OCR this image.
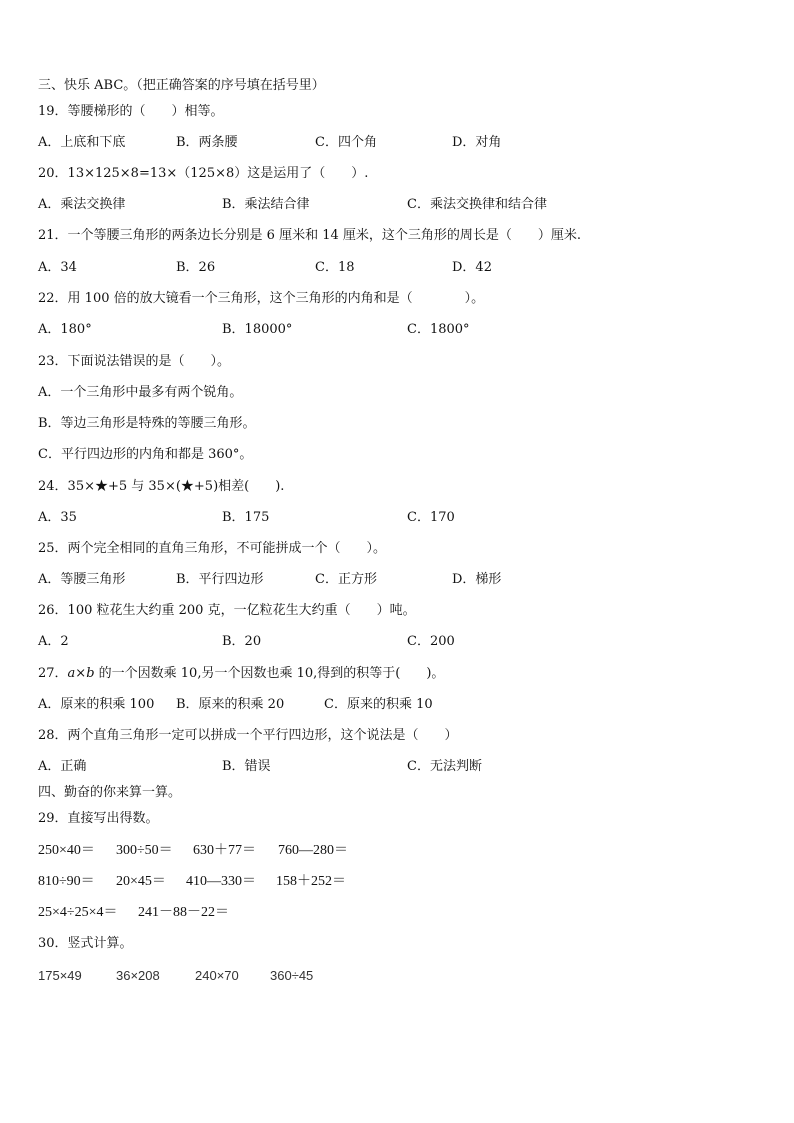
三、快乐 ABC。（把正确答案的序号填在括号里）
19．等腰梯形的（　　）相等。
A．上底和下底	B．两条腰	C．四个角	D．对角
20．13×125×8=13×（125×8）这是运用了（　　）.
A．乘法交换律	B．乘法结合律	C．乘法交换律和结合律
21．一个等腰三角形的两条边长分别是 6 厘米和 14 厘米，这个三角形的周长是（　　）厘米.
A．34	B．26	C．18	D．42
22．用 100 倍的放大镜看一个三角形，这个三角形的内角和是（　　　　）。
A．180°	B．18000°	C．1800°
23．下面说法错误的是（　　）。
A．一个三角形中最多有两个锐角。
B．等边三角形是特殊的等腰三角形。
C．平行四边形的内角和都是 360°。
24．35×★+5 与 35×(★+5)相差(　　).
A．35	B．175	C．170
25．两个完全相同的直角三角形，不可能拼成一个（　　）。
A．等腰三角形	B．平行四边形	C．正方形	D．梯形
26．100 粒花生大约重 200 克，一亿粒花生大约重（　　）吨。
A．2	B．20	C．200
27．a×b 的一个因数乘 10,另一个因数也乘 10,得到的积等于(　　)。
A．原来的积乘 100 B．原来的积乘 20	C．原来的积乘 10
28．两个直角三角形一定可以拼成一个平行四边形，这个说法是（　　）
A．正确	B．错误	C．无法判断
四、勤奋的你来算一算。
29．直接写出得数。
250×40＝ 300÷50＝ 630＋77＝ 760—280＝
810÷90＝ 20×45＝ 410—330＝ 158＋252＝
25×4÷25×4＝ 241－88－22＝
30．竖式计算。
175×49	36×208	240×70 360÷45
